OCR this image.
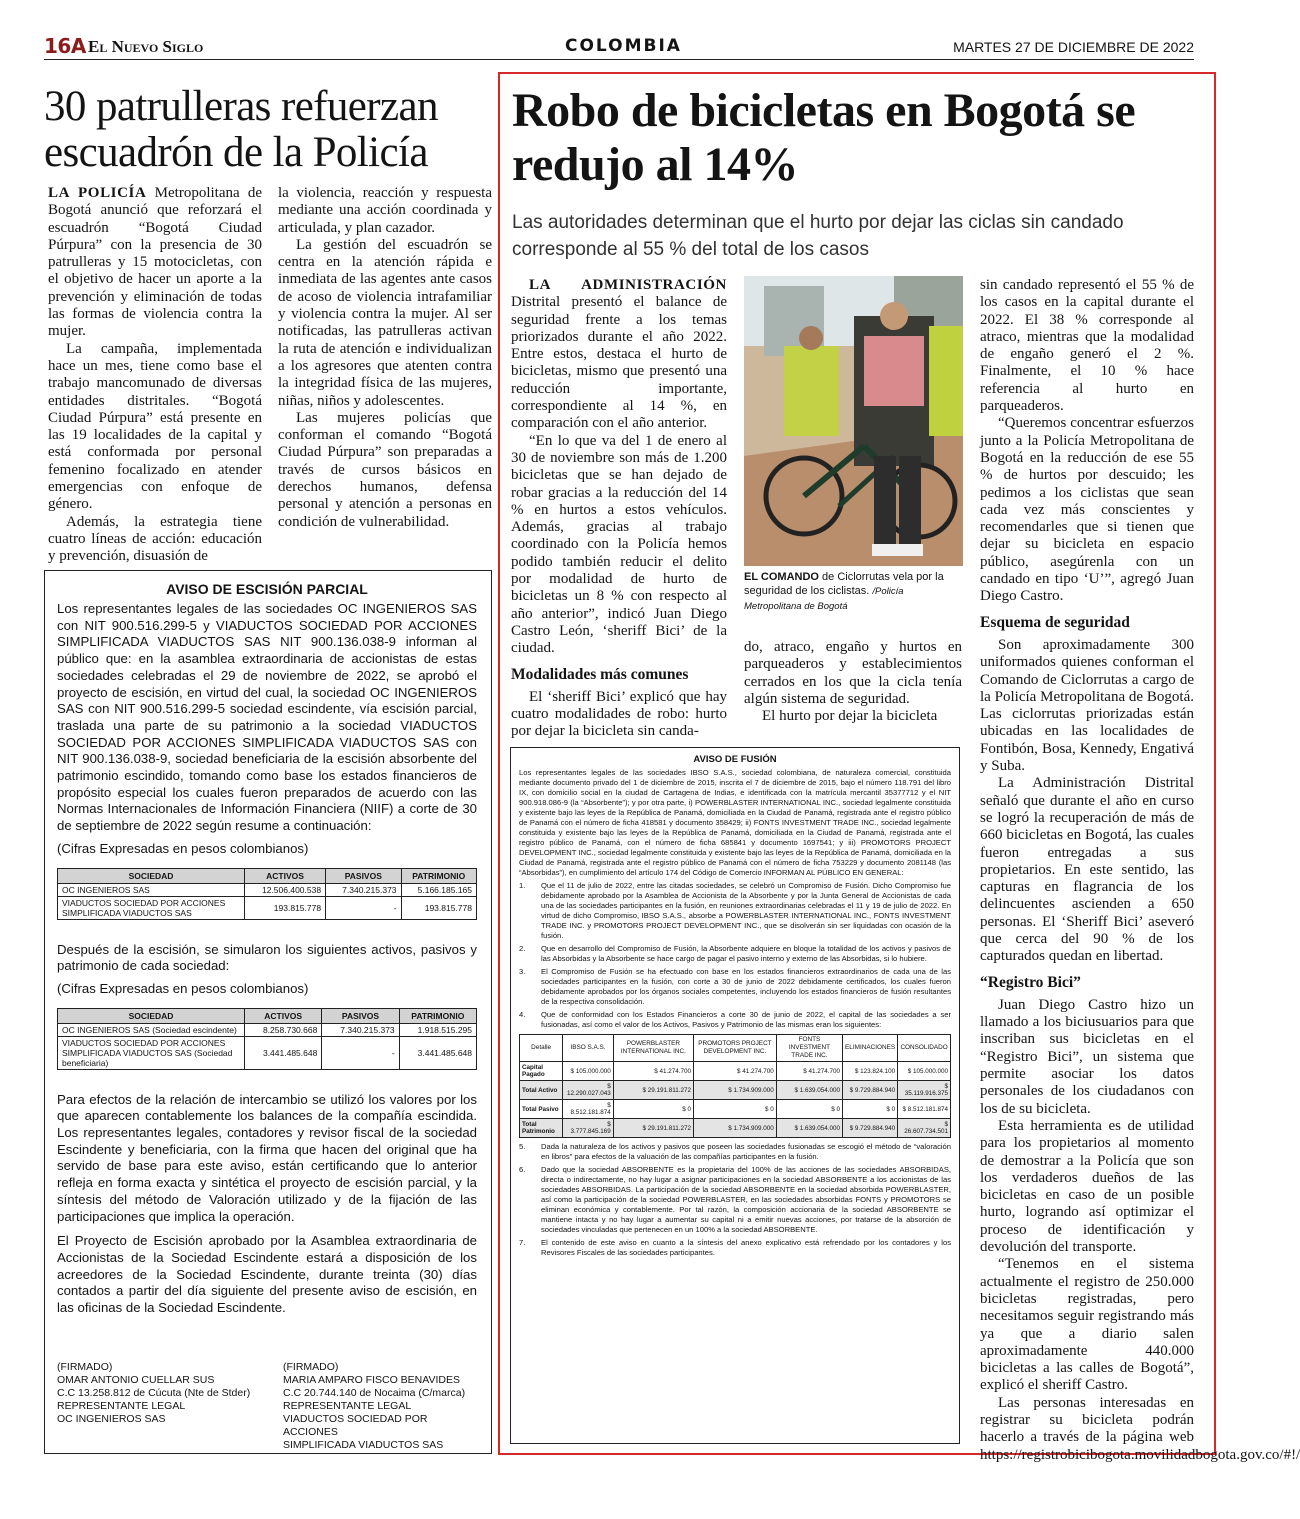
16A El Nuevo Siglo	COLOMBIA	MARTES 27 DE DICIEMBRE DE 2022
30 patrulleras refuerzan escuadrón de la Policía

LA POLICÍA Metropolitana de Bogotá anunció que reforzará el escuadrón “Bogotá Ciudad Púrpura” con la presencia de 30 patrulleras y 15 motocicletas, con el objetivo de hacer un aporte a la prevención y eliminación de todas las formas de violencia contra la mujer.

La campaña, implementada hace un mes, tiene como base el trabajo mancomunado de diversas entidades distritales. “Bogotá Ciudad Púrpura” está presente en las 19 localidades de la capital y está conformada por personal femenino focalizado en atender emergencias con enfoque de género.

Además, la estrategia tiene cuatro líneas de acción: educación y prevención, disuasión de

la violencia, reacción y respuesta mediante una acción coordinada y articulada, y plan cazador.

La gestión del escuadrón se centra en la atención rápida e inmediata de las agentes ante casos de acoso de violencia intrafamiliar y violencia contra la mujer. Al ser notificadas, las patrulleras activan la ruta de atención e individualizan a los agresores que atenten contra la integridad física de las mujeres, niñas, niños y adolescentes.

Las mujeres policías que conforman el comando “Bogotá Ciudad Púrpura” son preparadas a través de cursos básicos en derechos humanos, defensa personal y atención a personas en condición de vulnerabilidad.

AVISO DE ESCISIÓN PARCIAL

Los representantes legales de las sociedades OC INGENIEROS SAS con NIT 900.516.299-5 y VIADUCTOS SOCIEDAD POR ACCIONES SIMPLIFICADA VIADUCTOS SAS NIT 900.136.038-9 informan al público que: en la asamblea extraordinaria de accionistas de estas sociedades celebradas el 29 de noviembre de 2022, se aprobó el proyecto de escisión, en virtud del cual, la sociedad OC INGENIEROS SAS con NIT 900.516.299-5 sociedad escindente, vía escisión parcial, traslada una parte de su patrimonio a la sociedad VIADUCTOS SOCIEDAD POR ACCIONES SIMPLIFICADA VIADUCTOS SAS con NIT 900.136.038-9, sociedad beneficiaria de la escisión absorbente del patrimonio escindido, tomando como base los estados financieros de propósito especial los cuales fueron preparados de acuerdo con las Normas Internacionales de Información Financiera (NIIF) a corte de 30 de septiembre de 2022 según resume a continuación:

(Cifras Expresadas en pesos colombianos)

SOCIEDAD	ACTIVOS	PASIVOS	PATRIMONIO
OC INGENIEROS SAS	12.506.400.538	7.340.215.373	5.166.185.165
VIADUCTOS SOCIEDAD POR ACCIONES SIMPLIFICADA VIADUCTOS SAS	193.815.778	-	193.815.778

Después de la escisión, se simularon los siguientes activos, pasivos y patrimonio de cada sociedad:

(Cifras Expresadas en pesos colombianos)

SOCIEDAD	ACTIVOS	PASIVOS	PATRIMONIO
OC INGENIEROS SAS (Sociedad escindente)	8.258.730.668	7.340.215.373	1.918.515.295
VIADUCTOS SOCIEDAD POR ACCIONES SIMPLIFICADA VIADUCTOS SAS (Sociedad beneficiaria)	3.441.485.648	-	3.441.485.648

Para efectos de la relación de intercambio se utilizó los valores por los que aparecen contablemente los balances de la compañía escindida. Los representantes legales, contadores y revisor fiscal de la sociedad Escindente y beneficiaria, con la firma que hacen del original que ha servido de base para este aviso, están certificando que lo anterior refleja en forma exacta y sintética el proyecto de escisión parcial, y la síntesis del método de Valoración utilizado y de la fijación de las participaciones que implica la operación.

El Proyecto de Escisión aprobado por la Asamblea extraordinaria de Accionistas de la Sociedad Escindente estará a disposición de los acreedores de la Sociedad Escindente, durante treinta (30) días contados a partir del día siguiente del presente aviso de escisión, en las oficinas de la Sociedad Escindente.

(FIRMADO)
OMAR ANTONIO CUELLAR SUS
C.C 13.258.812 de Cúcuta (Nte de Stder)
REPRESENTANTE LEGAL
OC INGENIEROS SAS
(FIRMADO)
MARIA AMPARO FISCO BENAVIDES
C.C 20.744.140 de Nocaima (C/marca)
REPRESENTANTE LEGAL
VIADUCTOS SOCIEDAD POR ACCIONES
SIMPLIFICADA VIADUCTOS SAS
Robo de bicicletas en Bogotá se redujo al 14%

Las autoridades determinan que el hurto por dejar las ciclas sin candado corresponde al 55 % del total de los casos

LA ADMINISTRACIÓN Distrital presentó el balance de seguridad frente a los temas priorizados durante el año 2022. Entre estos, destaca el hurto de bicicletas, mismo que presentó una reducción importante, correspondiente al 14 %, en comparación con el año anterior.

“En lo que va del 1 de enero al 30 de noviembre son más de 1.200 bicicletas que se han dejado de robar gracias a la reducción del 14 % en hurtos a estos vehículos. Además, gracias al trabajo coordinado con la Policía hemos podido también reducir el delito por modalidad de hurto de bicicletas un 8 % con respecto al año anterior”, indicó Juan Diego Castro León, ‘sheriff Bici’ de la ciudad.

Modalidades más comunes

El ‘sheriff Bici’ explicó que hay cuatro modalidades de robo: hurto por dejar la bicicleta sin canda-

EL COMANDO de Ciclorrutas vela por la seguridad de los ciclistas. /Policía Metropolitana de Bogotá

do, atraco, engaño y hurtos en parqueaderos y establecimientos cerrados en los que la cicla tenía algún sistema de seguridad.

El hurto por dejar la bicicleta

sin candado representó el 55 % de los casos en la capital durante el 2022. El 38 % corresponde al atraco, mientras que la modalidad de engaño generó el 2 %. Finalmente, el 10 % hace referencia al hurto en parqueaderos.

“Queremos concentrar esfuerzos junto a la Policía Metropolitana de Bogotá en la reducción de ese 55 % de hurtos por descuido; les pedimos a los ciclistas que sean cada vez más conscientes y recomendarles que si tienen que dejar su bicicleta en espacio público, asegúrenla con un candado en tipo ‘U’”, agregó Juan Diego Castro.

Esquema de seguridad

Son aproximadamente 300 uniformados quienes conforman el Comando de Ciclorrutas a cargo de la Policía Metropolitana de Bogotá. Las ciclorrutas priorizadas están ubicadas en las localidades de Fontibón, Bosa, Kennedy, Engativá y Suba.

La Administración Distrital señaló que durante el año en curso se logró la recuperación de más de 660 bicicletas en Bogotá, las cuales fueron entregadas a sus propietarios. En este sentido, las capturas en flagrancia de los delincuentes ascienden a 650 personas. El ‘Sheriff Bici’ aseveró que cerca del 90 % de los capturados quedan en libertad.

“Registro Bici”

Juan Diego Castro hizo un llamado a los biciusuarios para que inscriban sus bicicletas en el “Registro Bici”, un sistema que permite asociar los datos personales de los ciudadanos con los de su bicicleta.

Esta herramienta es de utilidad para los propietarios al momento de demostrar a la Policía que son los verdaderos dueños de las bicicletas en caso de un posible hurto, logrando así optimizar el proceso de identificación y devolución del transporte.

“Tenemos en el sistema actualmente el registro de 250.000 bicicletas registradas, pero necesitamos seguir registrando más ya que a diario salen aproximadamente 440.000 bicicletas a las calles de Bogotá”, explicó el sheriff Castro.

Las personas interesadas en registrar su bicicleta podrán hacerlo a través de la página web https://registrobicibogota.movilidadbogota.gov.co/#!/

AVISO DE FUSIÓN

Los representantes legales de las sociedades IBSO S.A.S., sociedad colombiana, de naturaleza comercial, constituida mediante documento privado del 1 de diciembre de 2015, inscrita el 7 de diciembre de 2015, bajo el número 118.791 del libro IX, con domicilio social en la ciudad de Cartagena de Indias, e identificada con la matrícula mercantil 35377712 y el NIT 900.918.086-9 (la “Absorbente”); y por otra parte, i) POWERBLASTER INTERNATIONAL INC., sociedad legalmente constituida y existente bajo las leyes de la República de Panamá, domiciliada en la Ciudad de Panamá, registrada ante el registro público de Panamá con el número de ficha 418581 y documento 358429; ii) FONTS INVESTMENT TRADE INC., sociedad legalmente constituida y existente bajo las leyes de la República de Panamá, domiciliada en la Ciudad de Panamá, registrada ante el registro público de Panamá, con el número de ficha 685841 y documento 1697541; y iii) PROMOTORS PROJECT DEVELOPMENT INC., sociedad legalmente constituida y existente bajo las leyes de la República de Panamá, domiciliada en la Ciudad de Panamá, registrada ante el registro público de Panamá con el número de ficha 753229 y documento 2081148 (las “Absorbidas”), en cumplimiento del artículo 174 del Código de Comercio INFORMAN AL PÚBLICO EN GENERAL:

1.	Que el 11 de julio de 2022, entre las citadas sociedades, se celebró un Compromiso de Fusión. Dicho Compromiso fue debidamente aprobado por la Asamblea de Accionista de la Absorbente y por la Junta General de Accionistas de cada una de las sociedades participantes en la fusión, en reuniones extraordinarias celebradas el 11 y 19 de julio de 2022. En virtud de dicho Compromiso, IBSO S.A.S., absorbe a POWERBLASTER INTERNATIONAL INC., FONTS INVESTMENT TRADE INC. y PROMOTORS PROJECT DEVELOPMENT INC., que se disolverán sin ser liquidadas con ocasión de la fusión.
2.	Que en desarrollo del Compromiso de Fusión, la Absorbente adquiere en bloque la totalidad de los activos y pasivos de las Absorbidas y la Absorbente se hace cargo de pagar el pasivo interno y externo de las Absorbidas, si lo hubiere.
3.	El Compromiso de Fusión se ha efectuado con base en los estados financieros extraordinarios de cada una de las sociedades participantes en la fusión, con corte a 30 de junio de 2022 debidamente certificados, los cuales fueron debidamente aprobados por los órganos sociales competentes, incluyendo los estados financieros de fusión resultantes de la respectiva consolidación.
4.	Que de conformidad con los Estados Financieros a corte 30 de junio de 2022, el capital de las sociedades a ser fusionadas, así como el valor de los Activos, Pasivos y Patrimonio de las mismas eran los siguientes:
Detalle	IBSO S.A.S.	POWERBLASTER INTERNATIONAL INC.	PROMOTORS PROJECT DEVELOPMENT INC.	FONTS INVESTMENT TRADE INC.	ELIMINACIONES	CONSOLIDADO
Capital Pagado	$ 105.000.000	$ 41.274.700	$ 41.274.700	$ 41.274.700	$ 123.824.100	$ 105.000.000
Total Activo	$ 12.290.027.043	$ 29.191.811.272	$ 1.734.909.000	$ 1.639.054.000	$ 9.729.884.940	$ 35.119.916.375
Total Pasivo	$ 8.512.181.874	$ 0	$ 0	$ 0	$ 0	$ 8.512.181.874
Total Patrimonio	$ 3.777.845.169	$ 29.191.811.272	$ 1.734.909.000	$ 1.639.054.000	$ 9.729.884.940	$ 26.607.734.501
5.	Dada la naturaleza de los activos y pasivos que poseen las sociedades fusionadas se escogió el método de “valoración en libros” para efectos de la valuación de las compañías participantes en la fusión.
6.	Dado que la sociedad ABSORBENTE es la propietaria del 100% de las acciones de las sociedades ABSORBIDAS, directa o indirectamente, no hay lugar a asignar participaciones en la sociedad ABSORBENTE a los accionistas de las sociedades ABSORBIDAS. La participación de la sociedad ABSORBENTE en la sociedad absorbida POWERBLASTER, así como la participación de la sociedad POWERBLASTER, en las sociedades absorbidas FONTS y PROMOTORS se eliminan económica y contablemente. Por tal razón, la composición accionaria de la sociedad ABSORBENTE se mantiene intacta y no hay lugar a aumentar su capital ni a emitir nuevas acciones, por tratarse de la absorción de sociedades vinculadas que pertenecen en un 100% a la sociedad ABSORBENTE.
7.	El contenido de este aviso en cuanto a la síntesis del anexo explicativo está refrendado por los contadores y los Revisores Fiscales de las sociedades participantes.
